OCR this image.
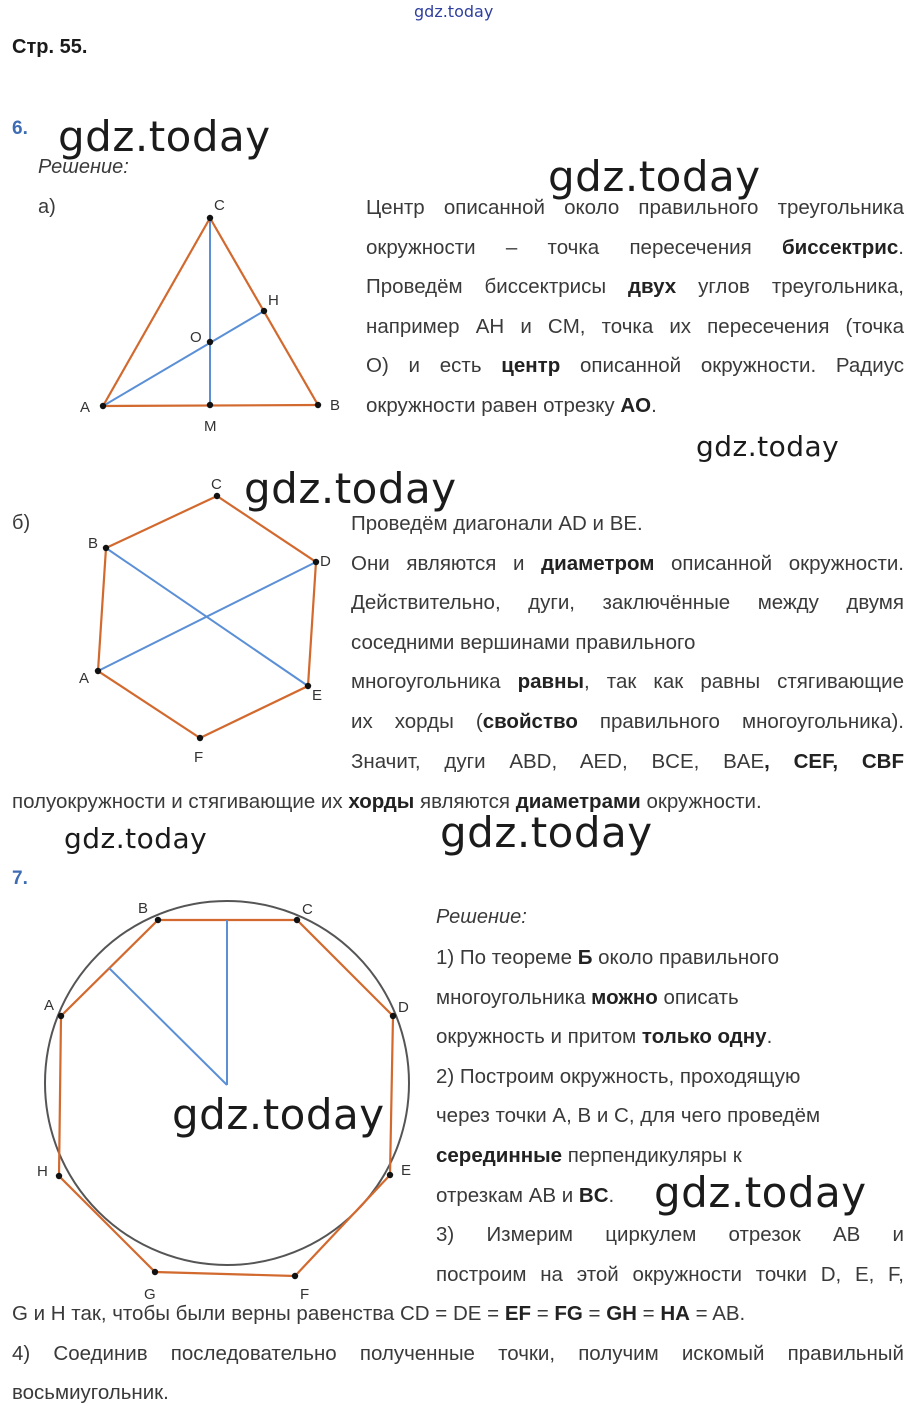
gdz.today
Стр. 55.
6. gdz.today
Решение:	gdz.today
а)	C
H
O
A
M
B
Центр описанной около правильного треугольника
окружности – точка пересечения биссектрис.
Проведём биссектрисы двух углов треугольника,
например AH и CM, точка их пересечения (точка
O) и есть центр описанной окружности. Радиус
окружности равен отрезку AO.
gdz.today
gdz.today
б)
C
B
D
A
E
F
Проведём диагонали AD и BE.
Они являются и диаметром описанной окружности.
Действительно, дуги, заключённые между двумя
соседними вершинами правильного
многоугольника равны, так как равны стягивающие
их хорды (свойство правильного многоугольника).
Значит, дуги ABD, AED, BCE, BAE, CEF, CBF
полуокружности и стягивающие их хорды являются диаметрами окружности.
gdz.today	gdz.today
7.
B	C
A	D
H	E
G	F
Решение:
1) По теореме Б около правильного
многоугольника можно описать
окружность и притом только одну.
2) Построим окружность, проходящую
через точки A, B и C, для чего проведём
серединные перпендикуляры к
отрезкам AB и BC.
3) Измерим циркулем отрезок AB и
построим на этой окружности точки D, E, F,
gdz.today
gdz.today
G и H так, чтобы были верны равенства CD = DE = EF = FG = GH = HA = AB.
4) Соединив последовательно полученные точки, получим искомый правильный
восьмиугольник.
